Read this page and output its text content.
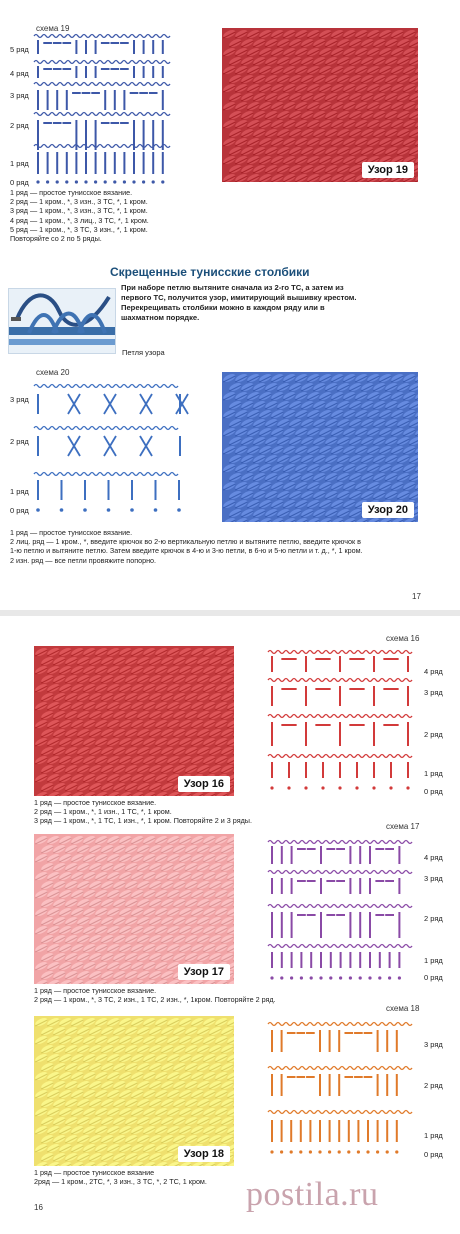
схема 19
5 ряд
4 ряд
3 ряд
2 ряд
1 ряд
0 ряд
Узор 19
1 ряд — простое тунисское вязание.
2 ряд — 1 кром., *, 3 изн., 3 ТС, *, 1 кром.
3 ряд — 1 кром., *, 3 изн., 3 ТС, *, 1 кром.
4 ряд — 1 кром., *, 3 лиц., 3 ТС, *, 1 кром.
5 ряд — 1 кром., *, 3 ТС, 3 изн., *, 1 кром.
Повторяйте со 2 по 5 ряды.
Скрещенные тунисские столбики
При наборе петлю вытяните сначала из 2-го ТС, а затем из
первого ТС, получится узор, имитирующий вышивку крестом.
Перекрещивать столбики можно в каждом ряду или в
шахматном порядке.
Петля узора
схема 20
3 ряд
2 ряд
1 ряд
0 ряд	Узор 20
1 ряд — простое тунисское вязание.
2 лиц. ряд — 1 кром., *, введите крючок во 2-ю вертикальную петлю и вытяните петлю, введите крючок в
1-ю петлю и вытяните петлю. Затем введите крючок в 4-ю и 3-ю петли, в 6-ю и 5-ю петли и т. д., *, 1 кром.
2 изн. ряд — все петли провяжите попорно.
17
Узор 16
схема 16
4 ряд
3 ряд
2 ряд
1 ряд
0 ряд
1 ряд — простое тунисское вязание.
2 ряд — 1 кром., *, 1 изн., 1 ТС, *, 1 кром.
3 ряд — 1 кром., *, 1 ТС, 1 изн., *, 1 кром. Повторяйте 2 и 3 ряды.
Узор 17
схема 17
4 ряд
3 ряд
2 ряд
1 ряд
0 ряд
1 ряд — простое тунисское вязание.
2 ряд — 1 кром., *, 3 ТС, 2 изн., 1 ТС, 2 изн., *, 1кром. Повторяйте 2 ряд.
Узор 18
схема 18
3 ряд
2 ряд
1 ряд
0 ряд
1 ряд — простое тунисское вязание
2ряд — 1 кром., 2ТС, *, 3 изн., 3 ТС, *, 2 ТС, 1 кром.
16	postila.ru
